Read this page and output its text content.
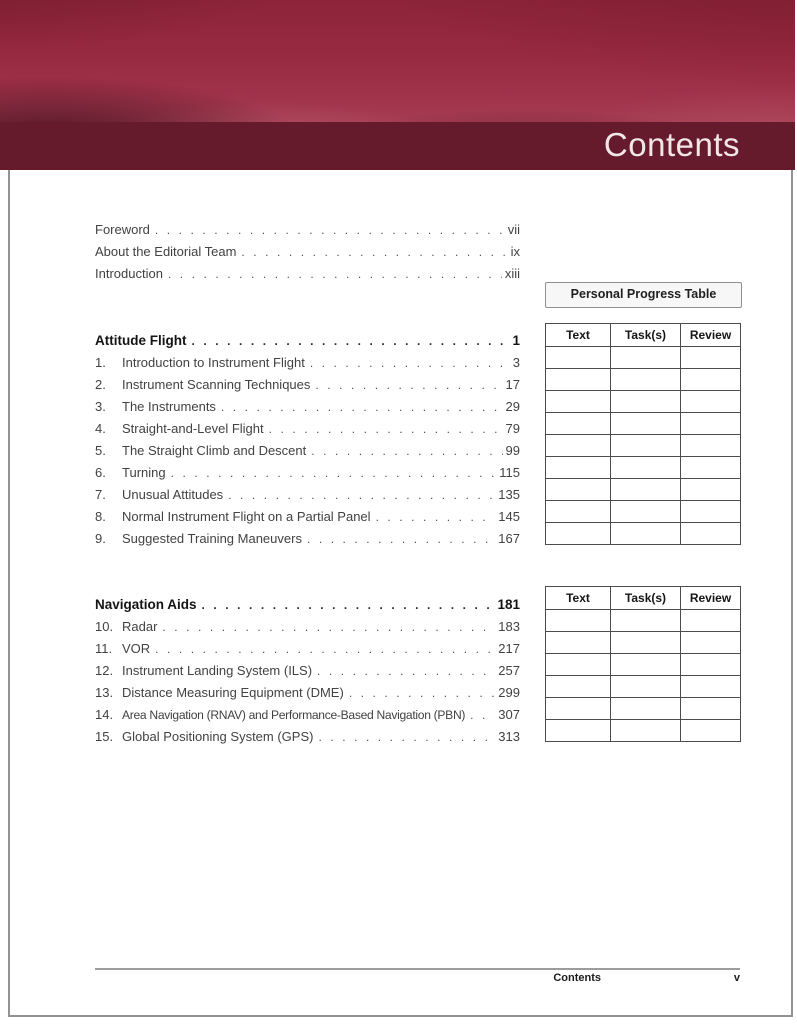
Contents
Foreword . . .	vii
About the Editorial Team . . .	ix
Introduction . . .	xiii
Personal Progress Table
Attitude Flight . . .	1
1.	Introduction to Instrument Flight . . .	3
2.	Instrument Scanning Techniques . . .	17
3.	The Instruments . . .	29
4.	Straight-and-Level Flight . . .	79
5.	The Straight Climb and Descent . . .	99
6.	Turning . . .	115
7.	Unusual Attitudes . . .	135
8.	Normal Instrument Flight on a Partial Panel . . .	145
9.	Suggested Training Maneuvers . . .	167
Text	Task(s)	Review

Navigation Aids . . .	181
10. Radar . . .	183
11. VOR . . .	217
12. Instrument Landing System (ILS) . . .	257
13. Distance Measuring Equipment (DME) . . .	299
14. Area Navigation (RNAV) and Performance-Based Navigation (PBN) . . .	307
15. Global Positioning System (GPS) . . .	313
Text	Task(s)	Review

Contents	v
